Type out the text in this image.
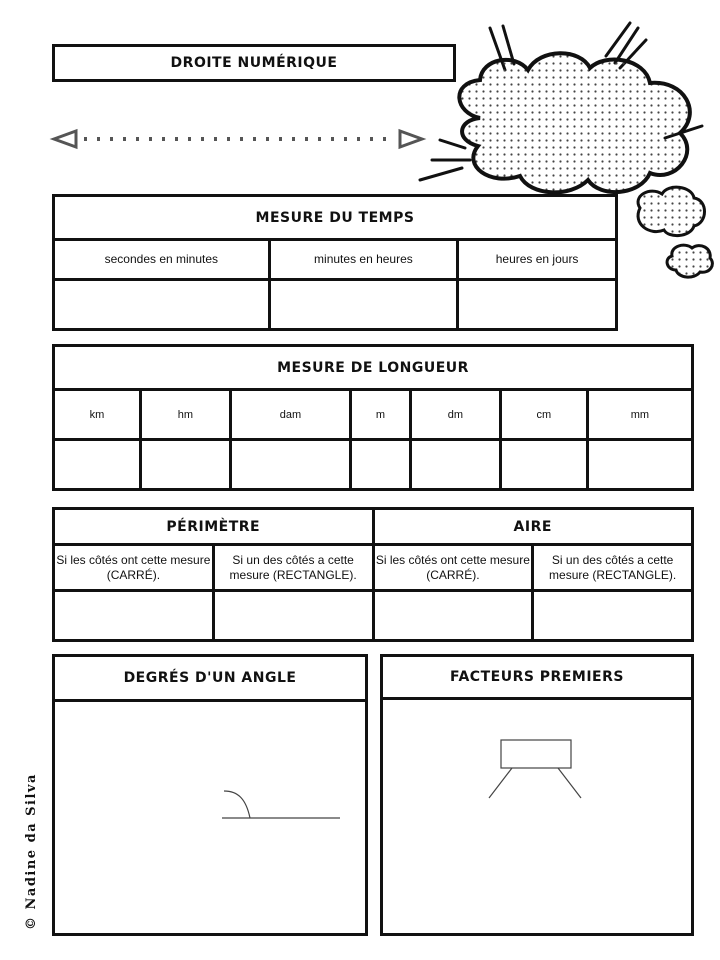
DROITE NUMÉRIQUE
MESURE DU TEMPS		
secondes en minutes	minutes en heures	heures en jours

MESURE DE LONGUEUR						
km	hm	dam	m	dm	cm	mm

PÉRIMÈTRE		AIRE	
Si les côtés ont cette mesure (CARRÉ).	Si un des côtés a cette mesure (RECTANGLE).	Si les côtés ont cette mesure (CARRÉ).	Si un des côtés a cette mesure (RECTANGLE).

DEGRÉS D'UN ANGLE	FACTEURS PREMIERS
© Nadine da Silva
